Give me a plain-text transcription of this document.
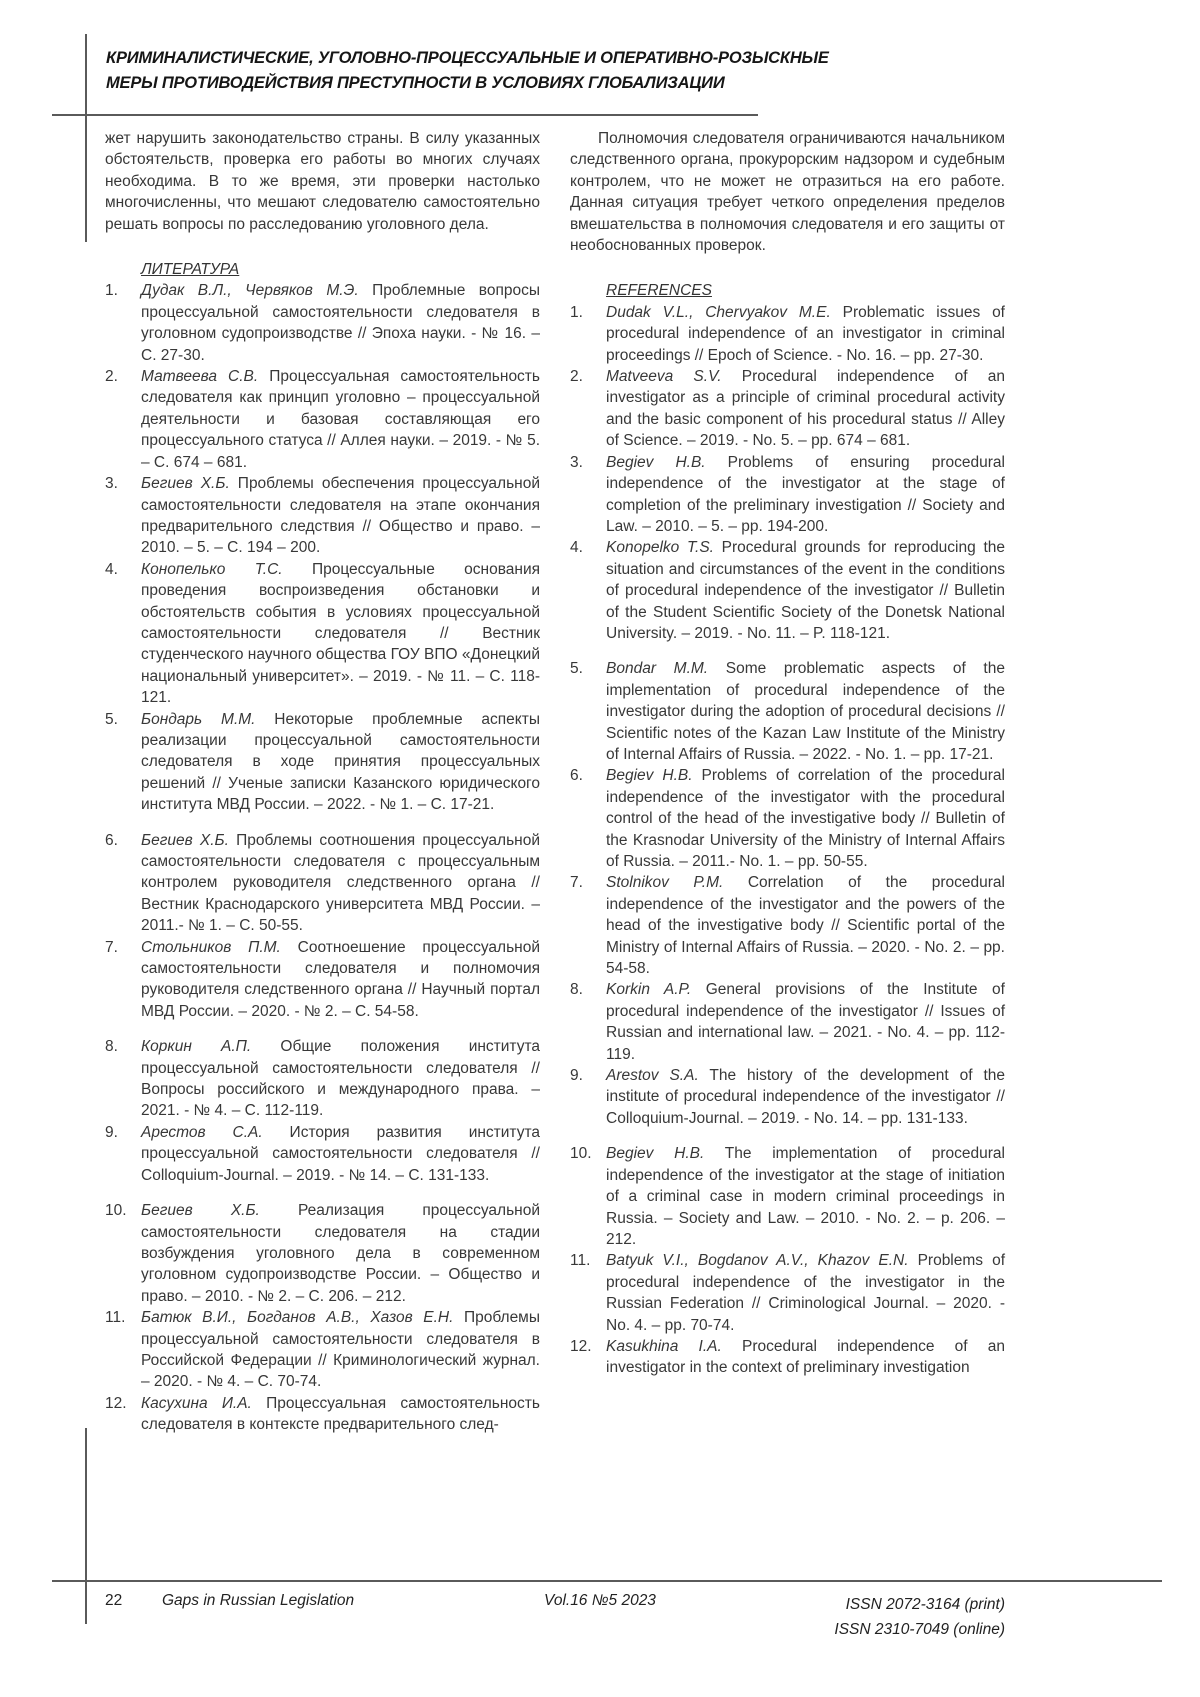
КРИМИНАЛИСТИЧЕСКИЕ, УГОЛОВНО-ПРОЦЕССУАЛЬНЫЕ И ОПЕРАТИВНО-РОЗЫСКНЫЕ
МЕРЫ ПРОТИВОДЕЙСТВИЯ ПРЕСТУПНОСТИ В УСЛОВИЯХ ГЛОБАЛИЗАЦИИ

жет нарушить законодательство страны. В силу указанных обстоятельств, проверка его работы во многих случаях необходима. В то же время, эти проверки настолько многочисленны, что мешают следователю самостоятельно решать вопросы по расследованию уголовного дела.

ЛИТЕРАТУРА
1. Дудак В.Л., Червяков М.Э. Проблемные вопросы процессуальной самостоятельности следователя в уголовном судопроизводстве // Эпоха науки. - № 16. – С. 27-30.
2. Матвеева С.В. Процессуальная самостоятельность следователя как принцип уголовно – процессуальной деятельности и базовая составляющая его процессуального статуса // Аллея науки. – 2019. - № 5. – С. 674 – 681.
3. Бегиев Х.Б. Проблемы обеспечения процессуальной самостоятельности следователя на этапе окончания предварительного следствия // Общество и право. – 2010. – 5. – С. 194 – 200.
4. Конопелько Т.С. Процессуальные основания проведения воспроизведения обстановки и обстоятельств события в условиях процессуальной самостоятельности следователя // Вестник студенческого научного общества ГОУ ВПО «Донецкий национальный университет». – 2019. - № 11. – С. 118-121.
5. Бондарь М.М. Некоторые проблемные аспекты реализации процессуальной самостоятельности следователя в ходе принятия процессуальных решений // Ученые записки Казанского юридического института МВД России. – 2022. - № 1. – С. 17-21.
6. Бегиев Х.Б. Проблемы соотношения процессуальной самостоятельности следователя с процессуальным контролем руководителя следственного органа // Вестник Краснодарского университета МВД России. – 2011.- № 1. – С. 50-55.
7. Стольников П.М. Соотноешение процессуальной самостоятельности следователя и полномочия руководителя следственного органа // Научный портал МВД России. – 2020. - № 2. – С. 54-58.
8. Коркин А.П. Общие положения института процессуальной самостоятельности следователя // Вопросы российского и международного права. – 2021. - № 4. – С. 112-119.
9. Арестов С.А. История развития института процессуальной самостоятельности следователя // Colloquium-Journal. – 2019. - № 14. – С. 131-133.
10. Бегиев Х.Б. Реализация процессуальной самостоятельности следователя на стадии возбуждения уголовного дела в современном уголовном судопроизводстве России. – Общество и право. – 2010. - № 2. – С. 206. – 212.
11. Батюк В.И., Богданов А.В., Хазов Е.Н. Проблемы процессуальной самостоятельности следователя в Российской Федерации // Криминологический журнал. – 2020. - № 4. – С. 70-74.
12. Касухина И.А. Процессуальная самостоятельность следователя в контексте предварительного след-

Полномочия следователя ограничиваются начальником следственного органа, прокурорским надзором и судебным контролем, что не может не отразиться на его работе. Данная ситуация требует четкого определения пределов вмешательства в полномочия следователя и его защиты от необоснованных проверок.

REFERENCES
1. Dudak V.L., Chervyakov M.E. Problematic issues of procedural independence of an investigator in criminal proceedings // Epoch of Science. - No. 16. – pp. 27-30.
2. Matveeva S.V. Procedural independence of an investigator as a principle of criminal procedural activity and the basic component of his procedural status // Alley of Science. – 2019. - No. 5. – pp. 674 – 681.
3. Begiev H.B. Problems of ensuring procedural independence of the investigator at the stage of completion of the preliminary investigation // Society and Law. – 2010. – 5. – pp. 194-200.
4. Konopelko T.S. Procedural grounds for reproducing the situation and circumstances of the event in the conditions of procedural independence of the investigator // Bulletin of the Student Scientific Society of the Donetsk National University. – 2019. - No. 11. – P. 118-121.
5. Bondar M.M. Some problematic aspects of the implementation of procedural independence of the investigator during the adoption of procedural decisions // Scientific notes of the Kazan Law Institute of the Ministry of Internal Affairs of Russia. – 2022. - No. 1. – pp. 17-21.
6. Begiev H.B. Problems of correlation of the procedural independence of the investigator with the procedural control of the head of the investigative body // Bulletin of the Krasnodar University of the Ministry of Internal Affairs of Russia. – 2011.- No. 1. – pp. 50-55.
7. Stolnikov P.M. Correlation of the procedural independence of the investigator and the powers of the head of the investigative body // Scientific portal of the Ministry of Internal Affairs of Russia. – 2020. - No. 2. – pp. 54-58.
8. Korkin A.P. General provisions of the Institute of procedural independence of the investigator // Issues of Russian and international law. – 2021. - No. 4. – pp. 112-119.
9. Arestov S.A. The history of the development of the institute of procedural independence of the investigator // Colloquium-Journal. – 2019. - No. 14. – pp. 131-133.
10. Begiev H.B. The implementation of procedural independence of the investigator at the stage of initiation of a criminal case in modern criminal proceedings in Russia. – Society and Law. – 2010. - No. 2. – p. 206. – 212.
11. Batyuk V.I., Bogdanov A.V., Khazov E.N. Problems of procedural independence of the investigator in the Russian Federation // Criminological Journal. – 2020. - No. 4. – pp. 70-74.
12. Kasukhina I.A. Procedural independence of an investigator in the context of preliminary investigation
22	Gaps in Russian Legislation	Vol.16 №5 2023	ISSN 2072-3164 (print)
ISSN 2310-7049 (online)
